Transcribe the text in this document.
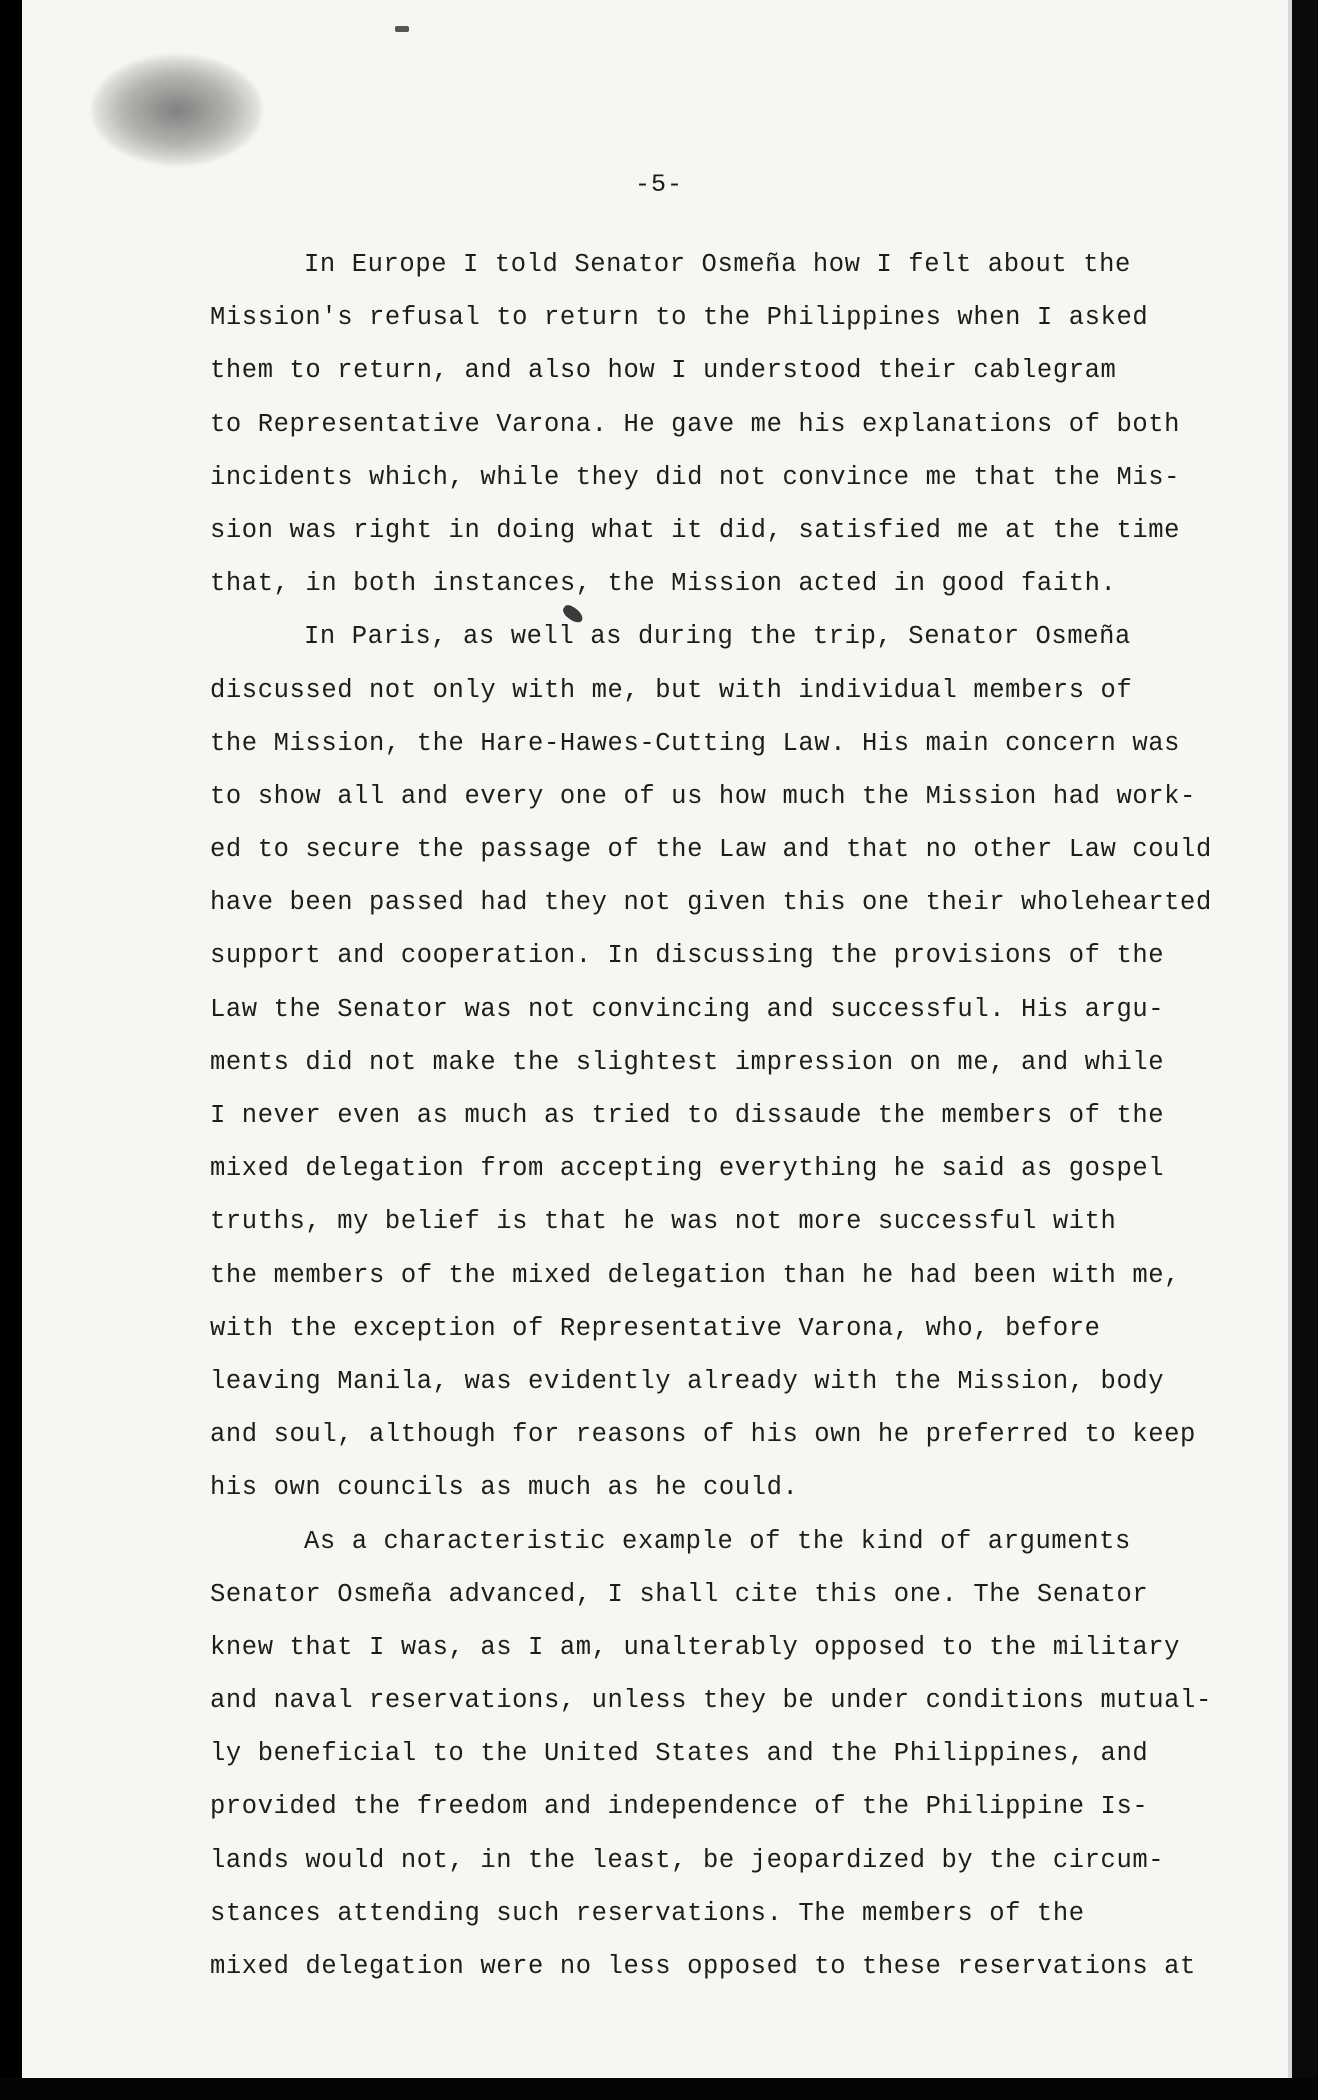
-5-
In Europe I told Senator Osmeña how I felt about the
Mission's refusal to return to the Philippines when I asked
them to return, and also how I understood their cablegram
to Representative Varona. He gave me his explanations of both
incidents which, while they did not convince me that the Mis-
sion was right in doing what it did, satisfied me at the time
that, in both instances, the Mission acted in good faith.
In Paris, as well as during the trip, Senator Osmeña
discussed not only with me, but with individual members of
the Mission, the Hare-Hawes-Cutting Law. His main concern was
to show all and every one of us how much the Mission had work-
ed to secure the passage of the Law and that no other Law could
have been passed had they not given this one their wholehearted
support and cooperation. In discussing the provisions of the
Law the Senator was not convincing and successful. His argu-
ments did not make the slightest impression on me, and while
I never even as much as tried to dissaude the members of the
mixed delegation from accepting everything he said as gospel
truths, my belief is that he was not more successful with
the members of the mixed delegation than he had been with me,
with the exception of Representative Varona, who, before
leaving Manila, was evidently already with the Mission, body
and soul, although for reasons of his own he preferred to keep
his own councils as much as he could.
As a characteristic example of the kind of arguments
Senator Osmeña advanced, I shall cite this one. The Senator
knew that I was, as I am, unalterably opposed to the military
and naval reservations, unless they be under conditions mutual-
ly beneficial to the United States and the Philippines, and
provided the freedom and independence of the Philippine Is-
lands would not, in the least, be jeopardized by the circum-
stances attending such reservations. The members of the
mixed delegation were no less opposed to these reservations at
